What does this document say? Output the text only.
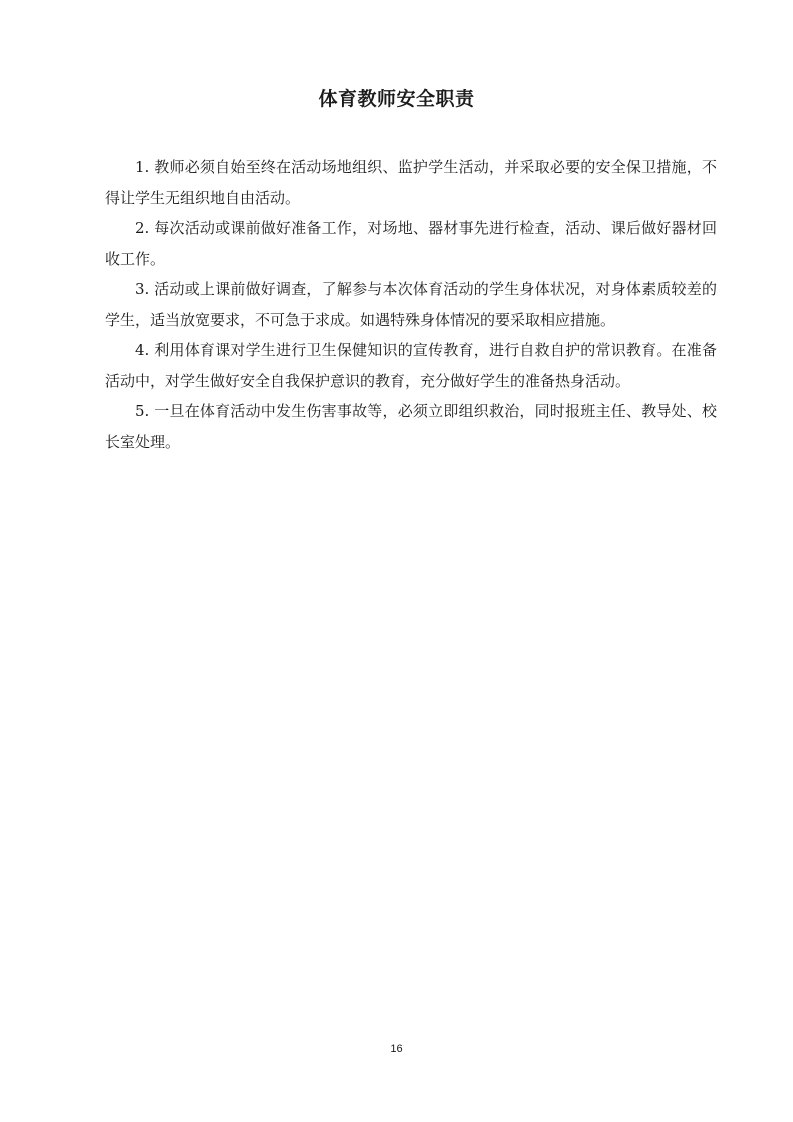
体育教师安全职责

1. 教师必须自始至终在活动场地组织、监护学生活动，并采取必要的安全保卫措施，不得让学生无组织地自由活动。

2. 每次活动或课前做好准备工作，对场地、器材事先进行检查，活动、课后做好器材回收工作。

3. 活动或上课前做好调查，了解参与本次体育活动的学生身体状况，对身体素质较差的学生，适当放宽要求，不可急于求成。如遇特殊身体情况的要采取相应措施。

4. 利用体育课对学生进行卫生保健知识的宣传教育，进行自救自护的常识教育。在准备活动中，对学生做好安全自我保护意识的教育，充分做好学生的准备热身活动。

5. 一旦在体育活动中发生伤害事故等，必须立即组织救治，同时报班主任、教导处、校长室处理。

16
